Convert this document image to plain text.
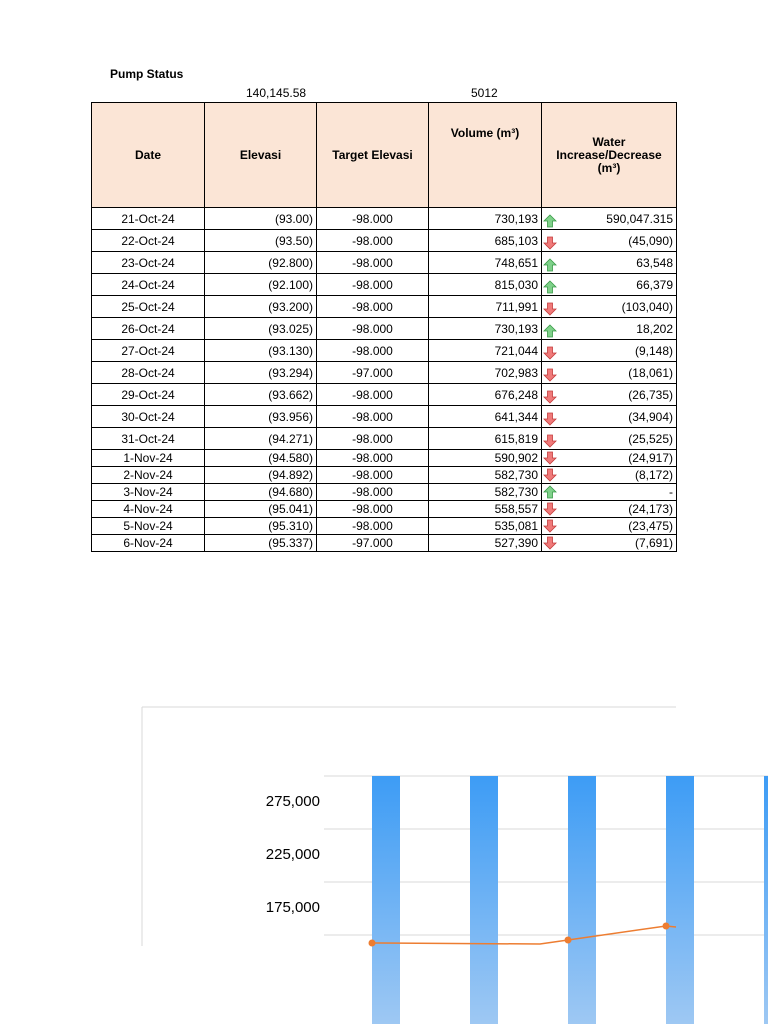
Pump Status
140,145.58	5012
Date	Elevasi	Target Elevasi	Volume (m³)	Water Increase/Decrease (m³)
21-Oct-24	(93.00)	-98.000	730,193	590,047.315
22-Oct-24	(93.50)	-98.000	685,103	(45,090)
23-Oct-24	(92.800)	-98.000	748,651	63,548
24-Oct-24	(92.100)	-98.000	815,030	66,379
25-Oct-24	(93.200)	-98.000	711,991	(103,040)
26-Oct-24	(93.025)	-98.000	730,193	18,202
27-Oct-24	(93.130)	-98.000	721,044	(9,148)
28-Oct-24	(93.294)	-97.000	702,983	(18,061)
29-Oct-24	(93.662)	-98.000	676,248	(26,735)
30-Oct-24	(93.956)	-98.000	641,344	(34,904)
31-Oct-24	(94.271)	-98.000	615,819	(25,525)
1-Nov-24	(94.580)	-98.000	590,902	(24,917)
2-Nov-24	(94.892)	-98.000	582,730	(8,172)
3-Nov-24	(94.680)	-98.000	582,730	-
4-Nov-24	(95.041)	-98.000	558,557	(24,173)
5-Nov-24	(95.310)	-98.000	535,081	(23,475)
6-Nov-24	(95.337)	-97.000	527,390	(7,691)
275,000
225,000
175,000
